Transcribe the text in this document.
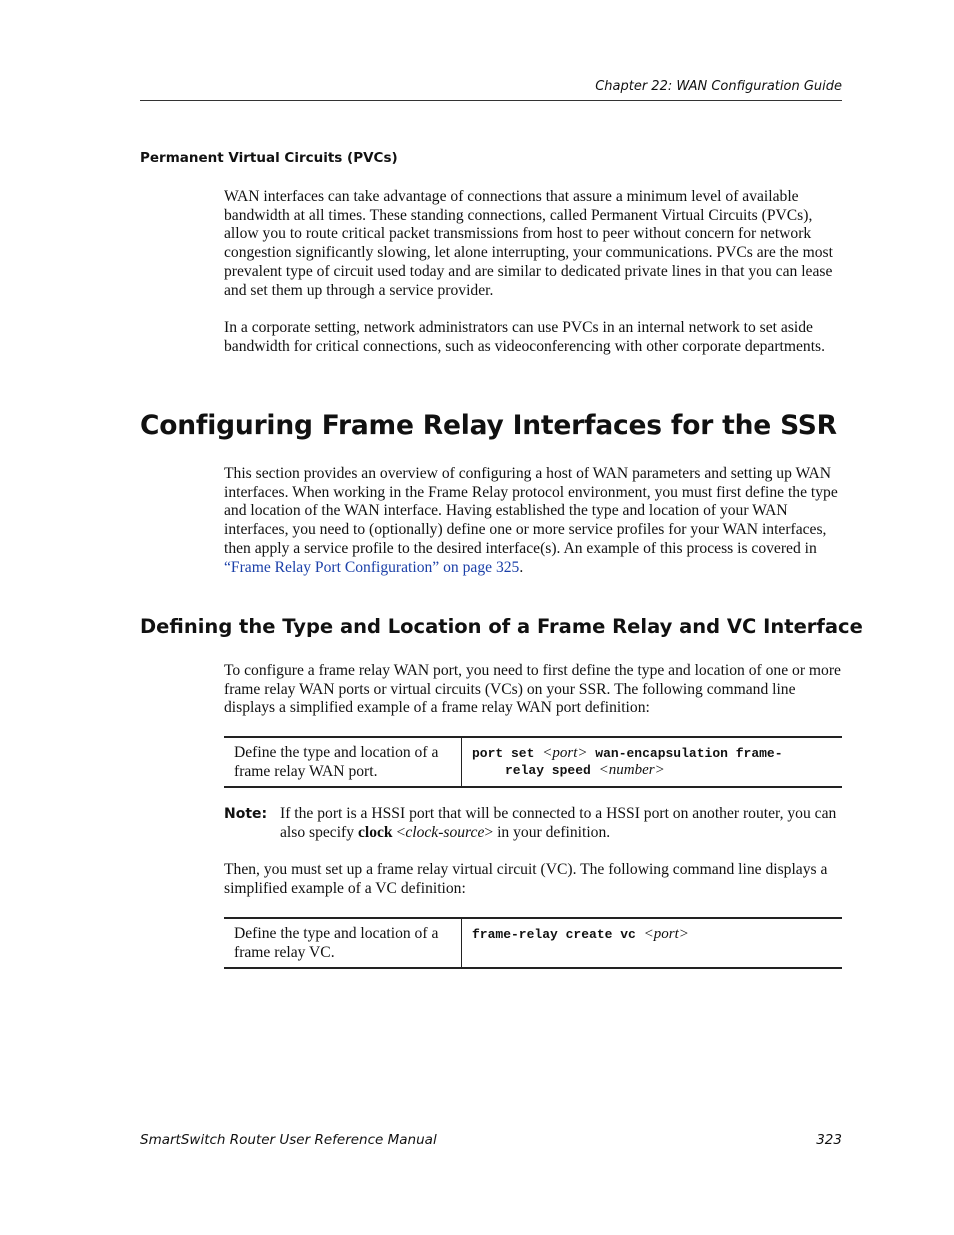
Chapter 22: WAN Configuration Guide
Permanent Virtual Circuits (PVCs)
WAN interfaces can take advantage of connections that assure a minimum level of available bandwidth at all times. These standing connections, called Permanent Virtual Circuits (PVCs), allow you to route critical packet transmissions from host to peer without concern for network congestion significantly slowing, let alone interrupting, your communications. PVCs are the most prevalent type of circuit used today and are similar to dedicated private lines in that you can lease and set them up through a service provider.
In a corporate setting, network administrators can use PVCs in an internal network to set aside bandwidth for critical connections, such as videoconferencing with other corporate departments.
Configuring Frame Relay Interfaces for the SSR
This section provides an overview of configuring a host of WAN parameters and setting up WAN interfaces. When working in the Frame Relay protocol environment, you must first define the type and location of the WAN interface. Having established the type and location of your WAN interfaces, you need to (optionally) define one or more service profiles for your WAN interfaces, then apply a service profile to the desired interface(s). An example of this process is covered in “Frame Relay Port Configuration” on page 325.
Defining the Type and Location of a Frame Relay and VC Interface
To configure a frame relay WAN port, you need to first define the type and location of one or more frame relay WAN ports or virtual circuits (VCs) on your SSR. The following command line displays a simplified example of a frame relay WAN port definition:
Define the type and location of a frame relay WAN port.
port set <port> wan-encapsulation frame-
relay speed <number>
Note: If the port is a HSSI port that will be connected to a HSSI port on another router, you can also specify clock <clock-source> in your definition.
Then, you must set up a frame relay virtual circuit (VC). The following command line displays a simplified example of a VC definition:
Define the type and location of a frame relay VC.
frame-relay create vc <port>
SmartSwitch Router User Reference Manual	323
